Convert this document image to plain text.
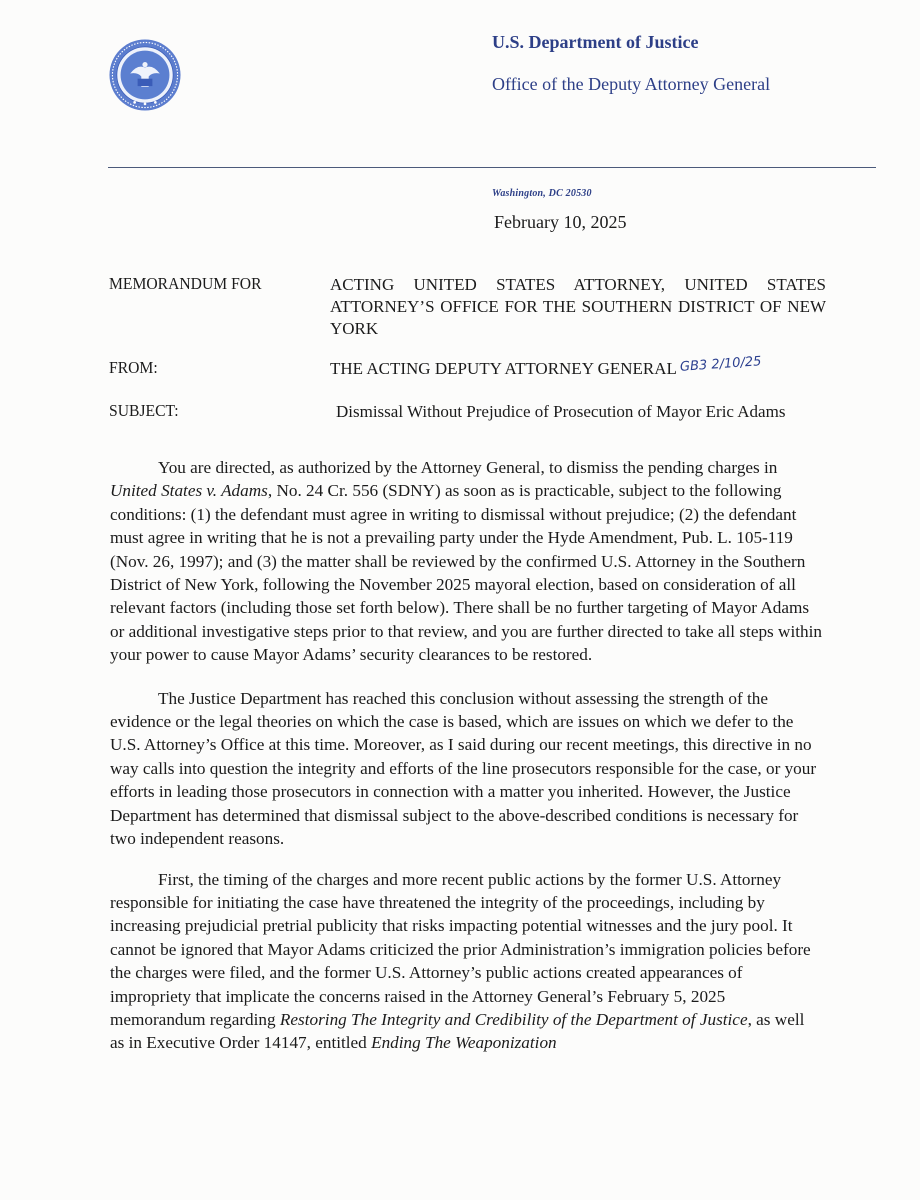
U.S. Department of Justice
Office of the Deputy Attorney General
Washington, DC 20530
February 10, 2025
MEMORANDUM FOR	ACTING UNITED STATES ATTORNEY, UNITED STATES ATTORNEY’S OFFICE FOR THE SOUTHERN DISTRICT OF NEW YORK
FROM:	THE ACTING DEPUTY ATTORNEY GENERAL GB3 2/10/25
SUBJECT:	Dismissal Without Prejudice of Prosecution of Mayor Eric Adams

You are directed, as authorized by the Attorney General, to dismiss the pending charges in United States v. Adams, No. 24 Cr. 556 (SDNY) as soon as is practicable, subject to the following conditions: (1) the defendant must agree in writing to dismissal without prejudice; (2) the defendant must agree in writing that he is not a prevailing party under the Hyde Amendment, Pub. L. 105-119 (Nov. 26, 1997); and (3) the matter shall be reviewed by the confirmed U.S. Attorney in the Southern District of New York, following the November 2025 mayoral election, based on consideration of all relevant factors (including those set forth below). There shall be no further targeting of Mayor Adams or additional investigative steps prior to that review, and you are further directed to take all steps within your power to cause Mayor Adams’ security clearances to be restored.

The Justice Department has reached this conclusion without assessing the strength of the evidence or the legal theories on which the case is based, which are issues on which we defer to the U.S. Attorney’s Office at this time. Moreover, as I said during our recent meetings, this directive in no way calls into question the integrity and efforts of the line prosecutors responsible for the case, or your efforts in leading those prosecutors in connection with a matter you inherited. However, the Justice Department has determined that dismissal subject to the above-described conditions is necessary for two independent reasons.

First, the timing of the charges and more recent public actions by the former U.S. Attorney responsible for initiating the case have threatened the integrity of the proceedings, including by increasing prejudicial pretrial publicity that risks impacting potential witnesses and the jury pool. It cannot be ignored that Mayor Adams criticized the prior Administration’s immigration policies before the charges were filed, and the former U.S. Attorney’s public actions created appearances of impropriety that implicate the concerns raised in the Attorney General’s February 5, 2025 memorandum regarding Restoring The Integrity and Credibility of the Department of Justice, as well as in Executive Order 14147, entitled Ending The Weaponization
